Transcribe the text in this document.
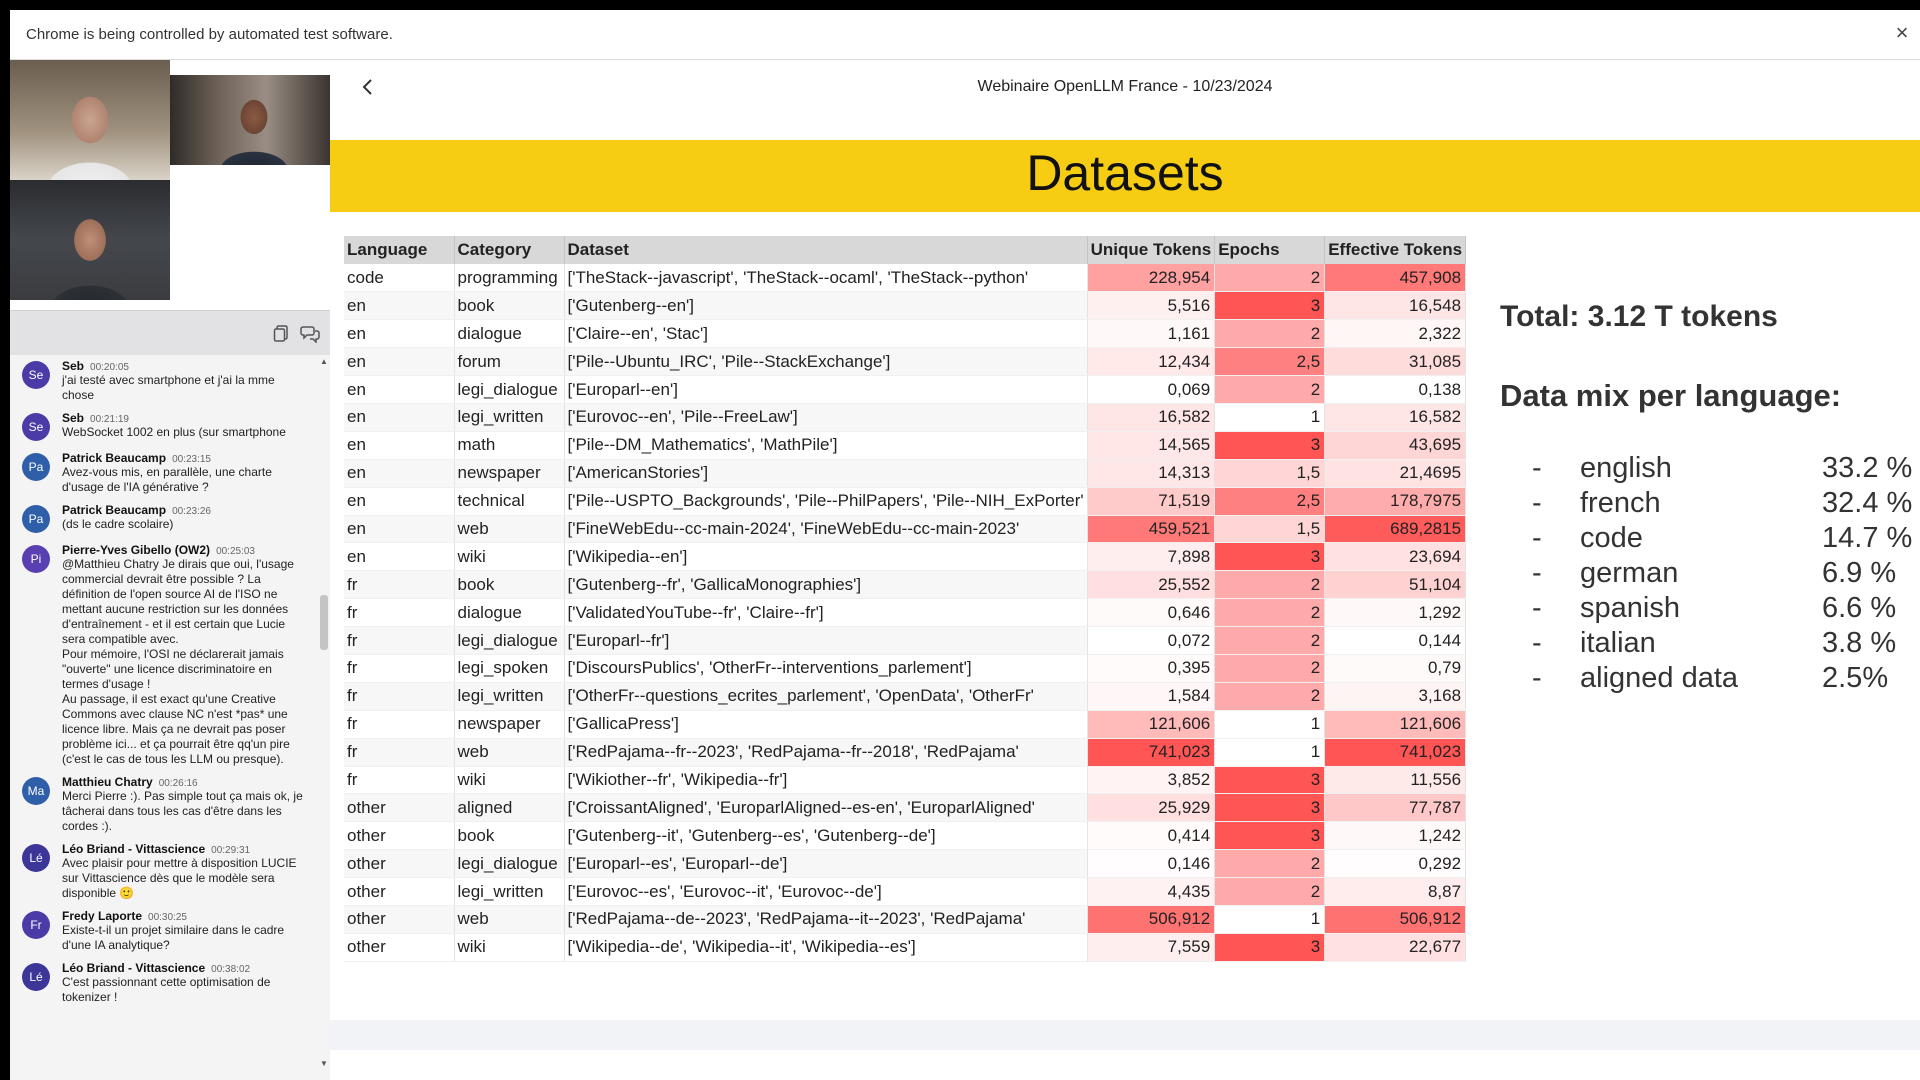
Chrome is being controlled by automated test software.	×
Se
Seb 00:20:05
j'ai testé avec smartphone et j'ai la mme chose
Se
Seb 00:21:19
WebSocket 1002 en plus (sur smartphone
Pa
Patrick Beaucamp 00:23:15
Avez-vous mis, en parallèle, une charte d'usage de l'IA générative ?
Pa
Patrick Beaucamp 00:23:26
(ds le cadre scolaire)
Pi
Pierre-Yves Gibello (OW2) 00:25:03
@Matthieu Chatry Je dirais que oui, l'usage commercial devrait être possible ? La définition de l'open source AI de l'ISO ne mettant aucune restriction sur les données d'entraînement - et il est certain que Lucie sera compatible avec.
Pour mémoire, l'OSI ne déclarerait jamais "ouverte" une licence discriminatoire en termes d'usage !
Au passage, il est exact qu'une Creative Commons avec clause NC n'est *pas* une licence libre. Mais ça ne devrait pas poser problème ici... et ça pourrait être qq'un pire (c'est le cas de tous les LLM ou presque).
Ma
Matthieu Chatry 00:26:16
Merci Pierre :). Pas simple tout ça mais ok, je tâcherai dans tous les cas d'être dans les cordes :).
Lé
Léo Briand - Vittascience 00:29:31
Avec plaisir pour mettre à disposition LUCIE sur Vittascience dès que le modèle sera disponible 🙂
Fr
Fredy Laporte 00:30:25
Existe-t-il un projet similaire dans le cadre d'une IA analytique?
Lé
Léo Briand - Vittascience 00:38:02
C'est passionnant cette optimisation de tokenizer !
▲
▼
Webinaire OpenLLM France - 10/23/2024
Datasets
Language	Category	Dataset	Unique Tokens	Epochs	Effective Tokens
code	programming	['TheStack--javascript', 'TheStack--ocaml', 'TheStack--python'	228,954	2	457,908
en	book	['Gutenberg--en']	5,516	3	16,548
en	dialogue	['Claire--en', 'Stac']	1,161	2	2,322
en	forum	['Pile--Ubuntu_IRC', 'Pile--StackExchange']	12,434	2,5	31,085
en	legi_dialogue	['Europarl--en']	0,069	2	0,138
en	legi_written	['Eurovoc--en', 'Pile--FreeLaw']	16,582	1	16,582
en	math	['Pile--DM_Mathematics', 'MathPile']	14,565	3	43,695
en	newspaper	['AmericanStories']	14,313	1,5	21,4695
en	technical	['Pile--USPTO_Backgrounds', 'Pile--PhilPapers', 'Pile--NIH_ExPorter'	71,519	2,5	178,7975
en	web	['FineWebEdu--cc-main-2024', 'FineWebEdu--cc-main-2023'	459,521	1,5	689,2815
en	wiki	['Wikipedia--en']	7,898	3	23,694
fr	book	['Gutenberg--fr', 'GallicaMonographies']	25,552	2	51,104
fr	dialogue	['ValidatedYouTube--fr', 'Claire--fr']	0,646	2	1,292
fr	legi_dialogue	['Europarl--fr']	0,072	2	0,144
fr	legi_spoken	['DiscoursPublics', 'OtherFr--interventions_parlement']	0,395	2	0,79
fr	legi_written	['OtherFr--questions_ecrites_parlement', 'OpenData', 'OtherFr'	1,584	2	3,168
fr	newspaper	['GallicaPress']	121,606	1	121,606
fr	web	['RedPajama--fr--2023', 'RedPajama--fr--2018', 'RedPajama'	741,023	1	741,023
fr	wiki	['Wikiother--fr', 'Wikipedia--fr']	3,852	3	11,556
other	aligned	['CroissantAligned', 'EuroparlAligned--es-en', 'EuroparlAligned'	25,929	3	77,787
other	book	['Gutenberg--it', 'Gutenberg--es', 'Gutenberg--de']	0,414	3	1,242
other	legi_dialogue	['Europarl--es', 'Europarl--de']	0,146	2	0,292
other	legi_written	['Eurovoc--es', 'Eurovoc--it', 'Eurovoc--de']	4,435	2	8,87
other	web	['RedPajama--de--2023', 'RedPajama--it--2023', 'RedPajama'	506,912	1	506,912
other	wiki	['Wikipedia--de', 'Wikipedia--it', 'Wikipedia--es']	7,559	3	22,677
Total: 3.12 T tokens
Data mix per language:
- english	33.2 %
- french	32.4 %
- code	14.7 %
- german	6.9 %
- spanish	6.6 %
- italian	3.8 %
- aligned data	2.5%
